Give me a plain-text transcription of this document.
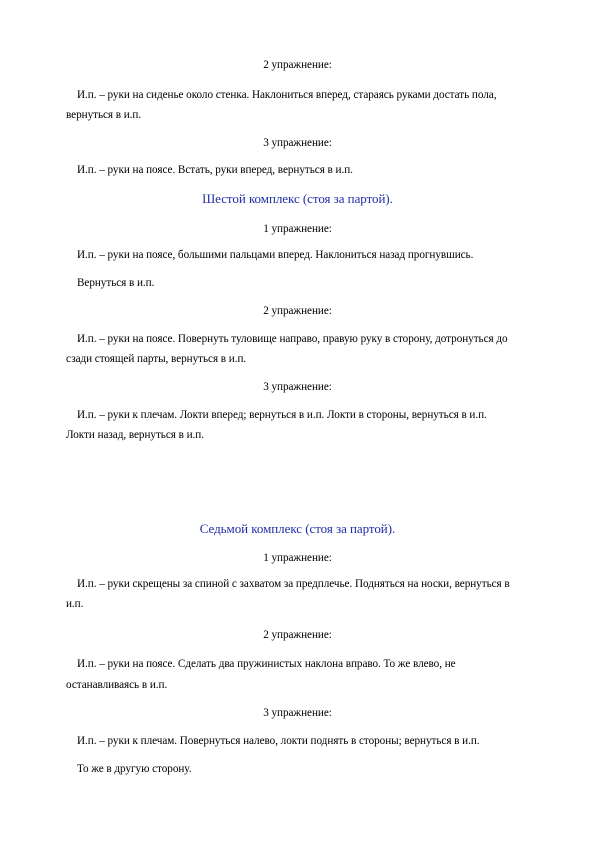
2 упражнение:
И.п. – руки на сиденье около стенка. Наклониться вперед, стараясь руками достать пола,
вернуться в и.п.
3 упражнение:
И.п. – руки на поясе. Встать, руки вперед, вернуться в и.п.
Шестой комплекс (стоя за партой).
1 упражнение:
И.п. – руки на поясе, большими пальцами вперед. Наклониться назад прогнувшись.
Вернуться в и.п.
2 упражнение:
И.п. – руки на поясе. Повернуть туловище направо, правую руку в сторону, дотронуться до
сзади стоящей парты, вернуться в и.п.
3 упражнение:
И.п. – руки к плечам. Локти вперед; вернуться в и.п. Локти в стороны, вернуться в и.п.
Локти назад, вернуться в и.п.
Седьмой комплекс (стоя за партой).
1 упражнение:
И.п. – руки скрещены за спиной с захватом за предплечье. Подняться на носки, вернуться в
и.п.
2 упражнение:
И.п. – руки на поясе. Сделать два пружинистых наклона вправо. То же влево, не
останавливаясь в и.п.
3 упражнение:
И.п. – руки к плечам. Повернуться налево, локти поднять в стороны; вернуться в и.п.
То же в другую сторону.
